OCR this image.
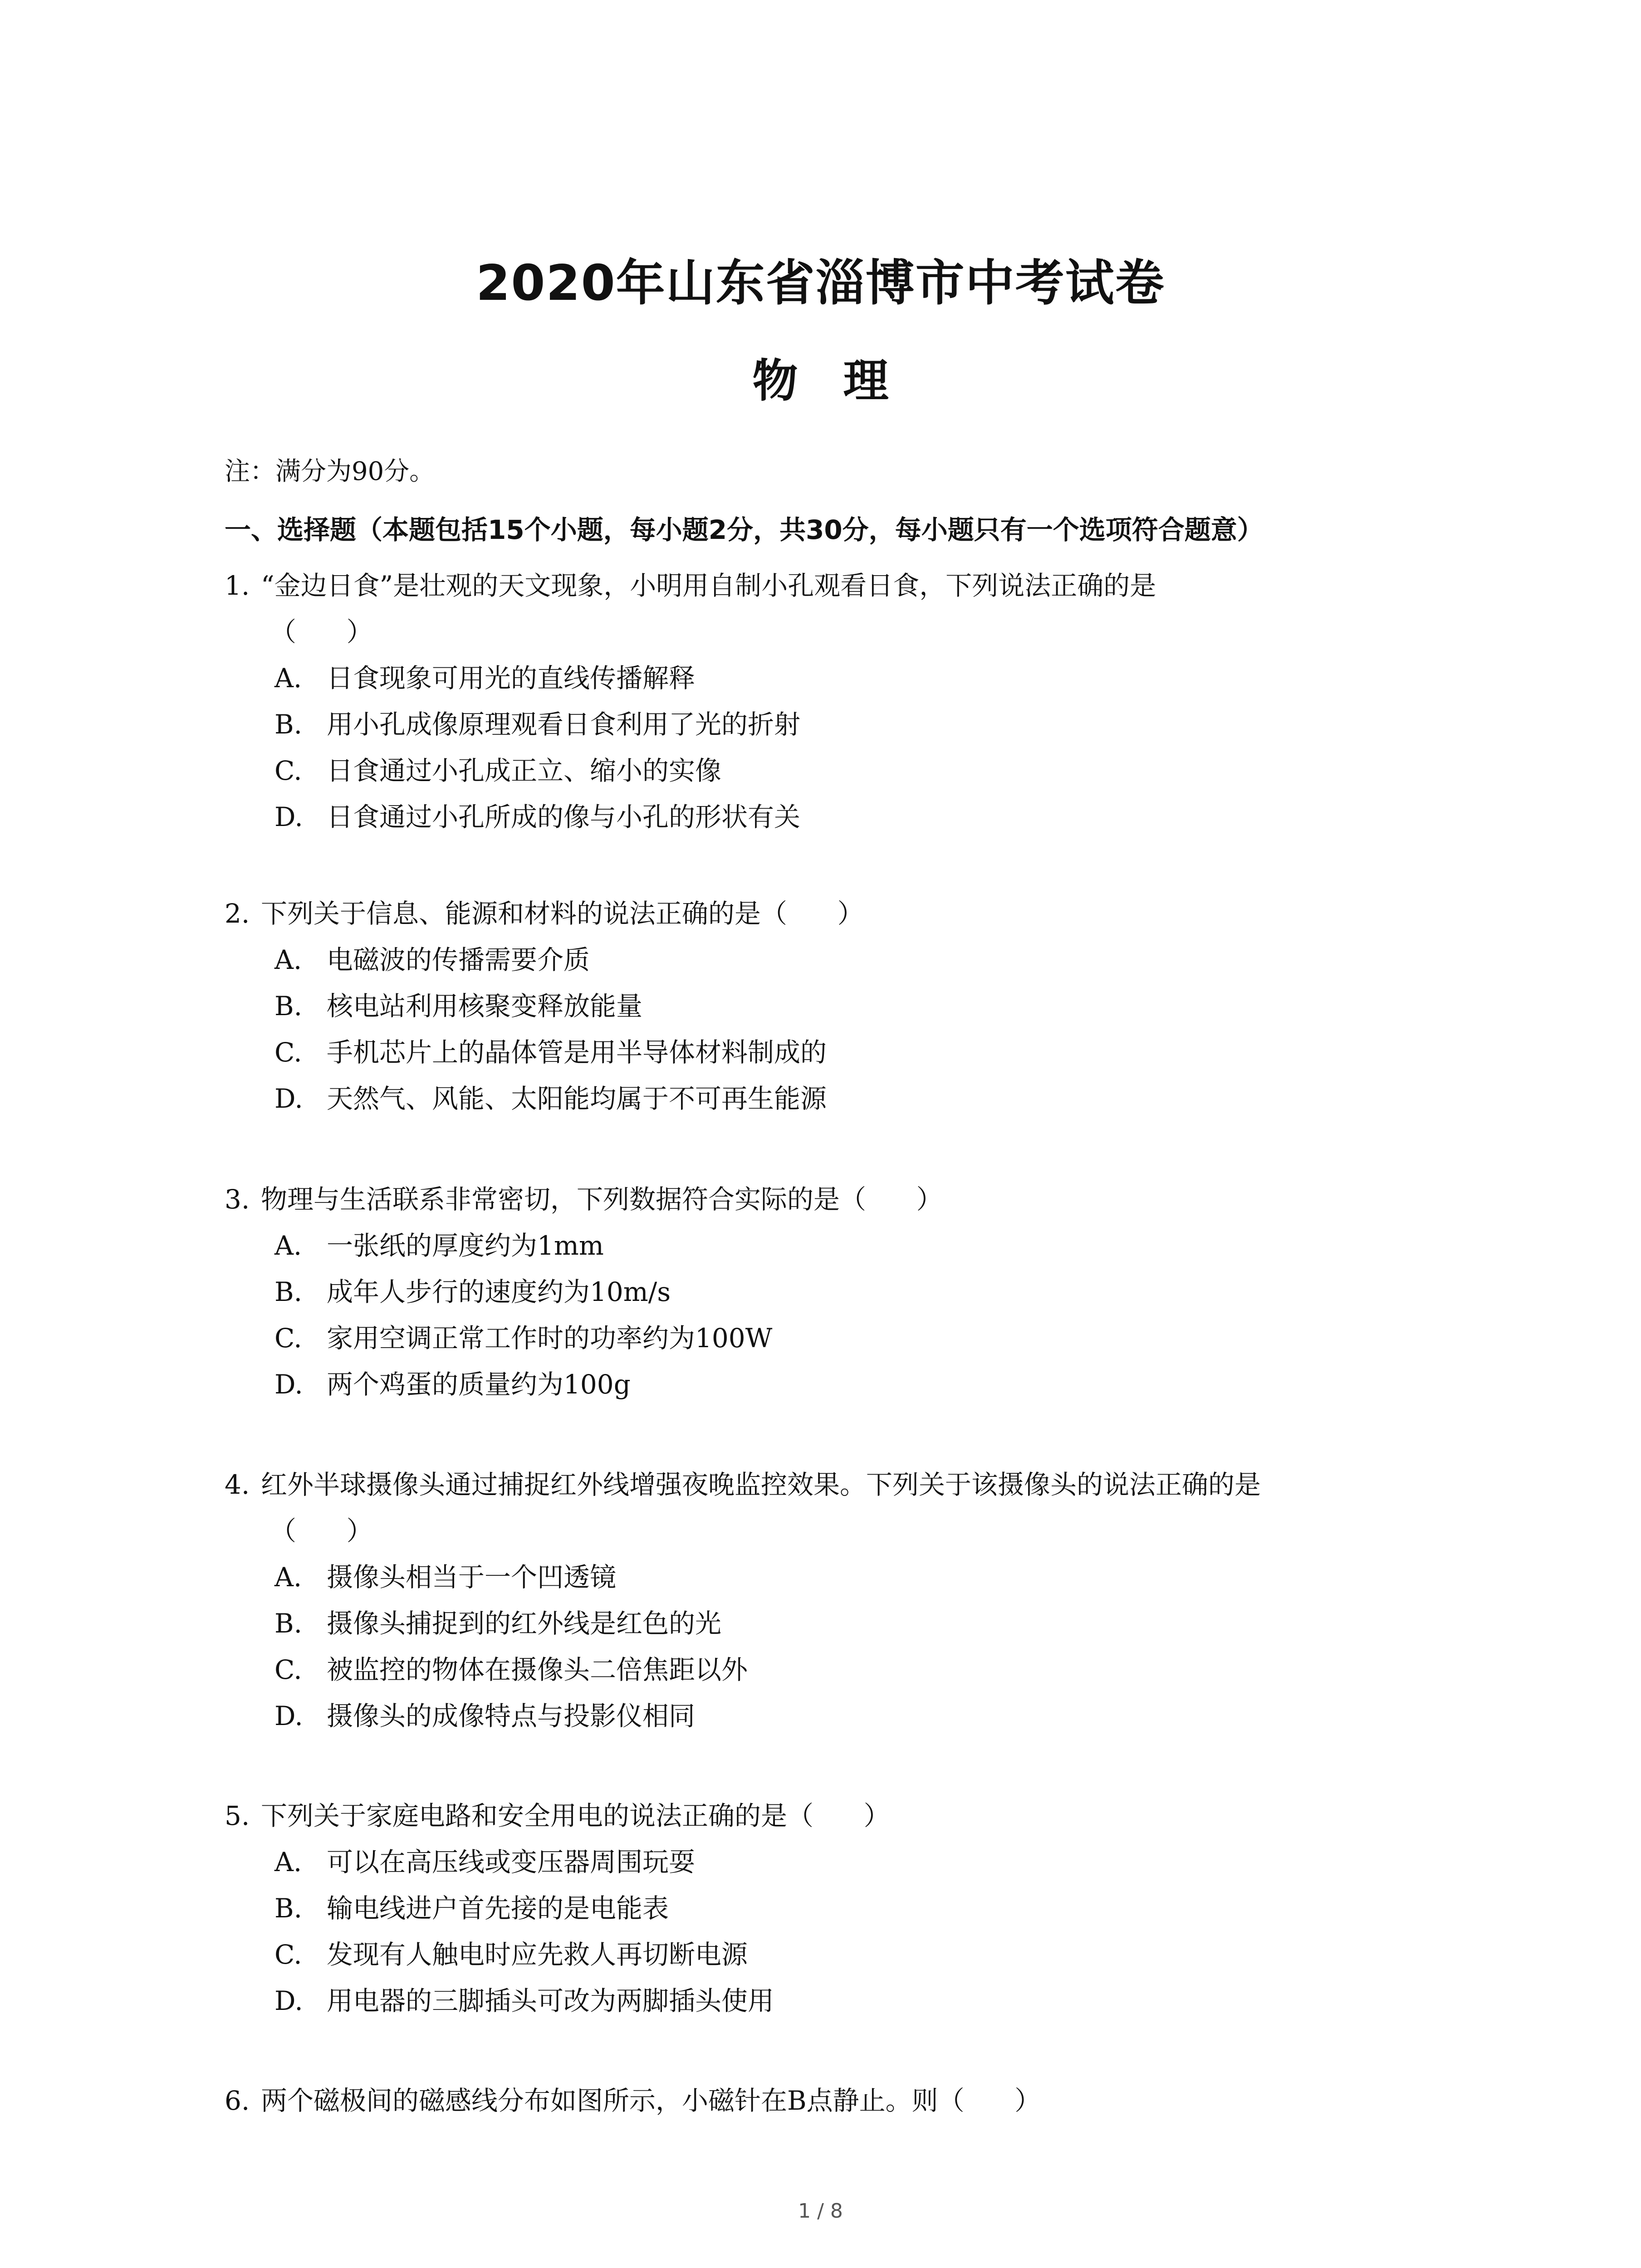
2020年山东省淄博市中考试卷
物理
注：满分为90分。
一、选择题（本题包括15个小题，每小题2分，共30分，每小题只有一个选项符合题意）
1. “金边日食”是壮观的天文现象，小明用自制小孔观看日食，下列说法正确的是
（      ）
A. 日食现象可用光的直线传播解释
B. 用小孔成像原理观看日食利用了光的折射
C. 日食通过小孔成正立、缩小的实像
D. 日食通过小孔所成的像与小孔的形状有关
2. 下列关于信息、能源和材料的说法正确的是（      ）
A. 电磁波的传播需要介质
B. 核电站利用核聚变释放能量
C. 手机芯片上的晶体管是用半导体材料制成的
D. 天然气、风能、太阳能均属于不可再生能源
3. 物理与生活联系非常密切，下列数据符合实际的是（      ）
A. 一张纸的厚度约为1mm
B. 成年人步行的速度约为10m/s
C. 家用空调正常工作时的功率约为100W
D. 两个鸡蛋的质量约为100g
4. 红外半球摄像头通过捕捉红外线增强夜晚监控效果。下列关于该摄像头的说法正确的是
（      ）
A. 摄像头相当于一个凹透镜
B. 摄像头捕捉到的红外线是红色的光
C. 被监控的物体在摄像头二倍焦距以外
D. 摄像头的成像特点与投影仪相同
5. 下列关于家庭电路和安全用电的说法正确的是（      ）
A. 可以在高压线或变压器周围玩耍
B. 输电线进户首先接的是电能表
C. 发现有人触电时应先救人再切断电源
D. 用电器的三脚插头可改为两脚插头使用
6. 两个磁极间的磁感线分布如图所示，小磁针在B点静止。则（      ）
1 / 8
